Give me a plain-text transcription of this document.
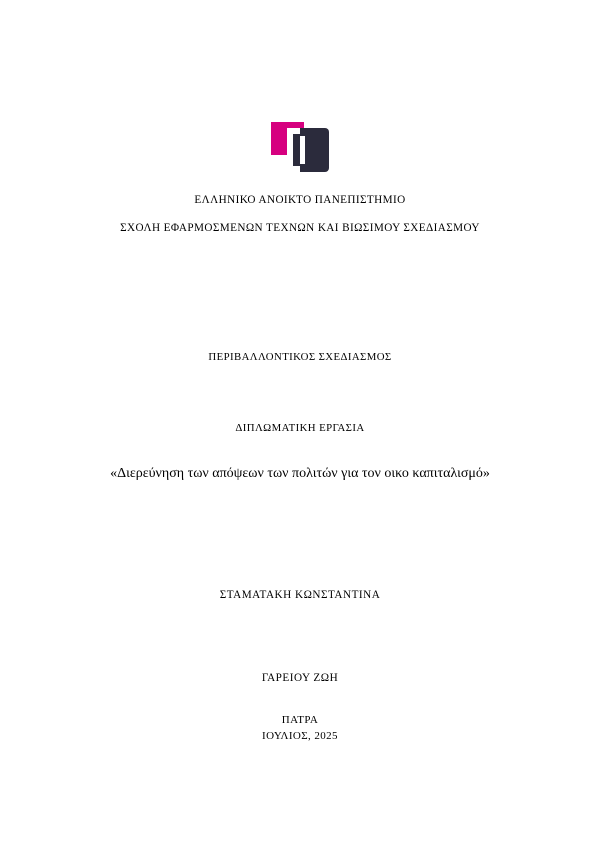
ΕΛΛΗΝΙΚΟ ΑΝΟΙΚΤΟ ΠΑΝΕΠΙΣΤΗΜΙΟ
ΣΧΟΛΗ ΕΦΑΡΜΟΣΜΕΝΩΝ ΤΕΧΝΩΝ ΚΑΙ ΒΙΩΣΙΜΟΥ ΣΧΕΔΙΑΣΜΟΥ
ΠΕΡΙΒΑΛΛΟΝΤΙΚΟΣ ΣΧΕΔΙΑΣΜΟΣ
ΔΙΠΛΩΜΑΤΙΚΗ ΕΡΓΑΣΙΑ
«Διερεύνηση των απόψεων των πολιτών για τον οικο καπιταλισμό»
ΣΤΑΜΑΤΑΚΗ ΚΩΝΣΤΑΝΤΙΝΑ
ΓΑΡΕΙΟΥ ΖΩΗ
ΠΑΤΡΑ
ΙΟΥΛΙΟΣ, 2025
